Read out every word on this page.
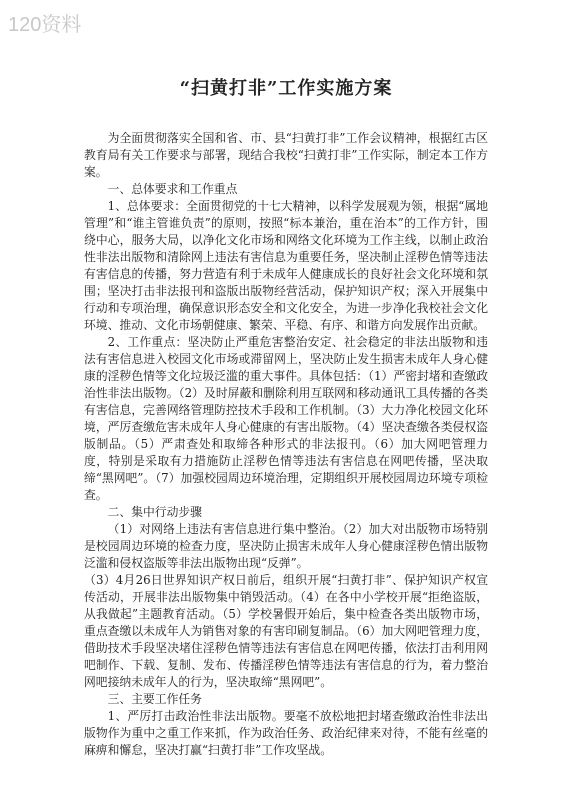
120资料
“扫黄打非”工作实施方案

为全面贯彻落实全国和省、市、县“扫黄打非”工作会议精神，根据红古区教育局有关工作要求与部署，现结合我校“扫黄打非”工作实际，制定本工作方案。

一、总体要求和工作重点

1、总体要求：全面贯彻党的十七大精神，以科学发展观为领，根据“属地管理”和“谁主管谁负责”的原则，按照“标本兼治，重在治本”的工作方针，围绕中心，服务大局，以净化文化市场和网络文化环境为工作主线，以制止政治性非法出版物和清除网上违法有害信息为重要任务，坚决制止淫秽色情等违法有害信息的传播，努力营造有利于未成年人健康成长的良好社会文化环境和氛围；坚决打击非法报刊和盗版出版物经营活动，保护知识产权；深入开展集中行动和专项治理，确保意识形态安全和文化安全，为进一步净化我校社会文化环境、推动、文化市场朝健康、繁荣、平稳、有序、和谐方向发展作出贡献。

2、工作重点：坚决防止严重危害整治安定、社会稳定的非法出版物和违法有害信息进入校园文化市场或滞留网上，坚决防止发生损害未成年人身心健康的淫秽色情等文化垃圾泛滥的重大事件。具体包括：（1）严密封堵和查缴政治性非法出版物。（2）及时屏蔽和删除利用互联网和移动通讯工具传播的各类有害信息，完善网络管理防控技术手段和工作机制。（3）大力净化校园文化环境，严厉查缴危害未成年人身心健康的有害出版物。（4）坚决查缴各类侵权盗版制品。（5）严肃查处和取缔各种形式的非法报刊。（6）加大网吧管理力度，特别是采取有力措施防止淫秽色情等违法有害信息在网吧传播，坚决取缔“黑网吧”。（7）加强校园周边环境治理，定期组织开展校园周边环境专项检查。

二、集中行动步骤

（1）对网络上违法有害信息进行集中整治。（2）加大对出版物市场特别是校园周边环境的检查力度，坚决防止损害未成年人身心健康淫秽色情出版物泛滥和侵权盗版等非法出版物出现“反弹”。

（3）4月26日世界知识产权日前后，组织开展“扫黄打非”、保护知识产权宣传活动，开展非法出版物集中销毁活动。（4）在各中小学校开展“拒绝盗版，从我做起”主题教育活动。（5）学校暑假开始后，集中检查各类出版物市场，重点查缴以未成年人为销售对象的有害印刷复制品。（6）加大网吧管理力度，借助技术手段坚决堵住淫秽色情等违法有害信息在网吧传播，依法打击利用网吧制作、下载、复制、发布、传播淫秽色情等违法有害信息的行为，着力整治网吧接纳未成年人的行为，坚决取缔“黑网吧”。

三、主要工作任务

1、严厉打击政治性非法出版物。要毫不放松地把封堵查缴政治性非法出版物作为重中之重工作来抓，作为政治任务、政治纪律来对待，不能有丝毫的麻痹和懈怠，坚决打赢“扫黄打非”工作攻坚战。
